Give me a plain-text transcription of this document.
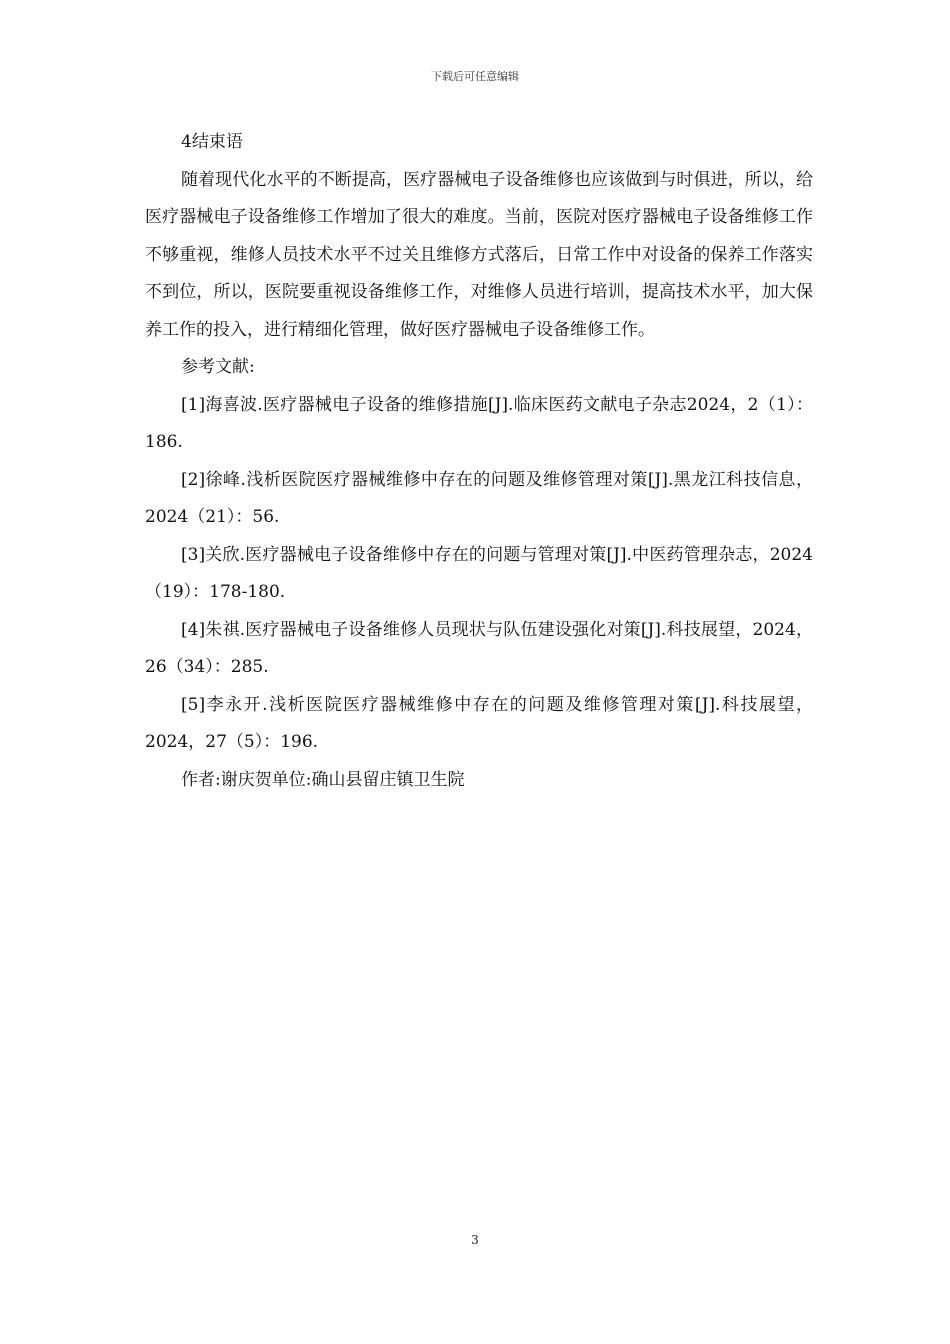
下载后可任意编辑

4结束语

随着现代化水平的不断提高，医疗器械电子设备维修也应该做到与时俱进，所以，给医疗器械电子设备维修工作增加了很大的难度。当前，医院对医疗器械电子设备维修工作不够重视，维修人员技术水平不过关且维修方式落后，日常工作中对设备的保养工作落实不到位，所以，医院要重视设备维修工作，对维修人员进行培训，提高技术水平，加大保养工作的投入，进行精细化管理，做好医疗器械电子设备维修工作。

参考文献:

[1]海喜波.医疗器械电子设备的维修措施[J].临床医药文献电子杂志2024，2（1）：186.

[2]徐峰.浅析医院医疗器械维修中存在的问题及维修管理对策[J].黑龙江科技信息，2024（21）：56.

[3]关欣.医疗器械电子设备维修中存在的问题与管理对策[J].中医药管理杂志，2024（19）：178-180.

[4]朱祺.医疗器械电子设备维修人员现状与队伍建设强化对策[J].科技展望，2024，26（34）：285.

[5]李永开.浅析医院医疗器械维修中存在的问题及维修管理对策[J].科技展望，2024，27（5）：196.

作者:谢庆贺单位:确山县留庄镇卫生院

3
